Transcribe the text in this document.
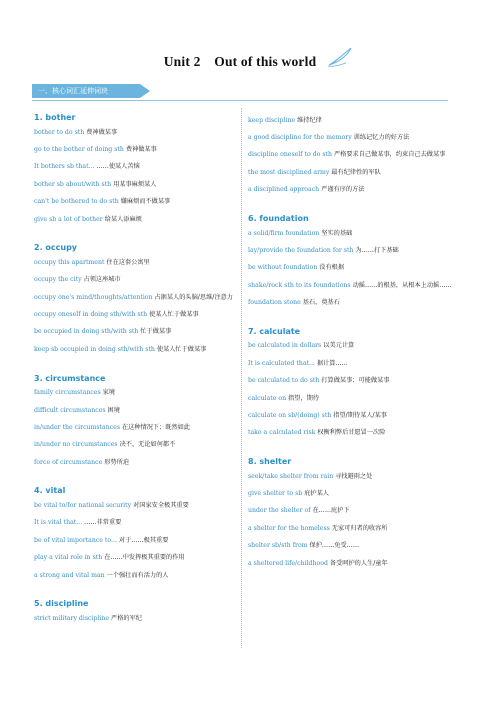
Unit 2　Out of this world
一、核心词汇延伸词块
1. bother
bother to do sth 费神做某事
go to the bother of doing sth 费神做某事
It bothers sb that... ……使某人苦恼
bother sb about/with sth 用某事麻烦某人
can't be bothered to do sth 嫌麻烦而不做某事
give sb a lot of bother 给某人添麻烦
2. occupy
occupy this apartment 住在这套公寓里
occupy the city 占领这座城市
occupy one's mind/thoughts/attention 占据某人的头脑/思维/注意力
occupy oneself in doing sth/with sth 使某人忙于做某事
be occupied in doing sth/with sth 忙于做某事
keep sb occupied in doing sth/with sth 使某人忙于做某事
3. circumstance
family circumstances 家境
difficult circumstances 困境
in/under the circumstances 在这种情况下；既然如此
in/under no circumstances 决不，无论如何都不
force of circumstance 形势所迫
4. vital
be vital to/for national security 对国家安全极其重要
It is vital that... ……非常重要
be of vital importance to... 对于……极其重要
play a vital role in sth 在……中发挥极其重要的作用
a strong and vital man 一个强壮而有活力的人
5. discipline
strict military discipline 严格的军纪
keep discipline 维持纪律
a good discipline for the memory 训练记忆力的好方法
discipline oneself to do sth 严格要求自己做某事，约束自己去做某事
the most disciplined army 最有纪律性的军队
a disciplined approach 严谨有序的方法
6. foundation
a solid/firm foundation 坚实的基础
lay/provide the foundation for sth 为……打下基础
be without foundation 没有根据
shake/rock sth to its foundations 动摇……的根基，从根本上动摇……
foundation stone 基石，奠基石
7. calculate
be calculated in dollars 以美元计算
It is calculated that... 据计算……
be calculated to do sth 打算做某事；可能做某事
calculate on 指望，期待
calculate on sb/(doing) sth 指望/期待某人/某事
take a calculated risk 权衡利弊后甘愿冒一次险
8. shelter
seek/take shelter from rain 寻找避雨之处
give shelter to sb 庇护某人
under the shelter of 在……庇护下
a shelter for the homeless 无家可归者的收容所
shelter sb/sth from 保护……免受……
a sheltered life/childhood 备受呵护的人生/童年
